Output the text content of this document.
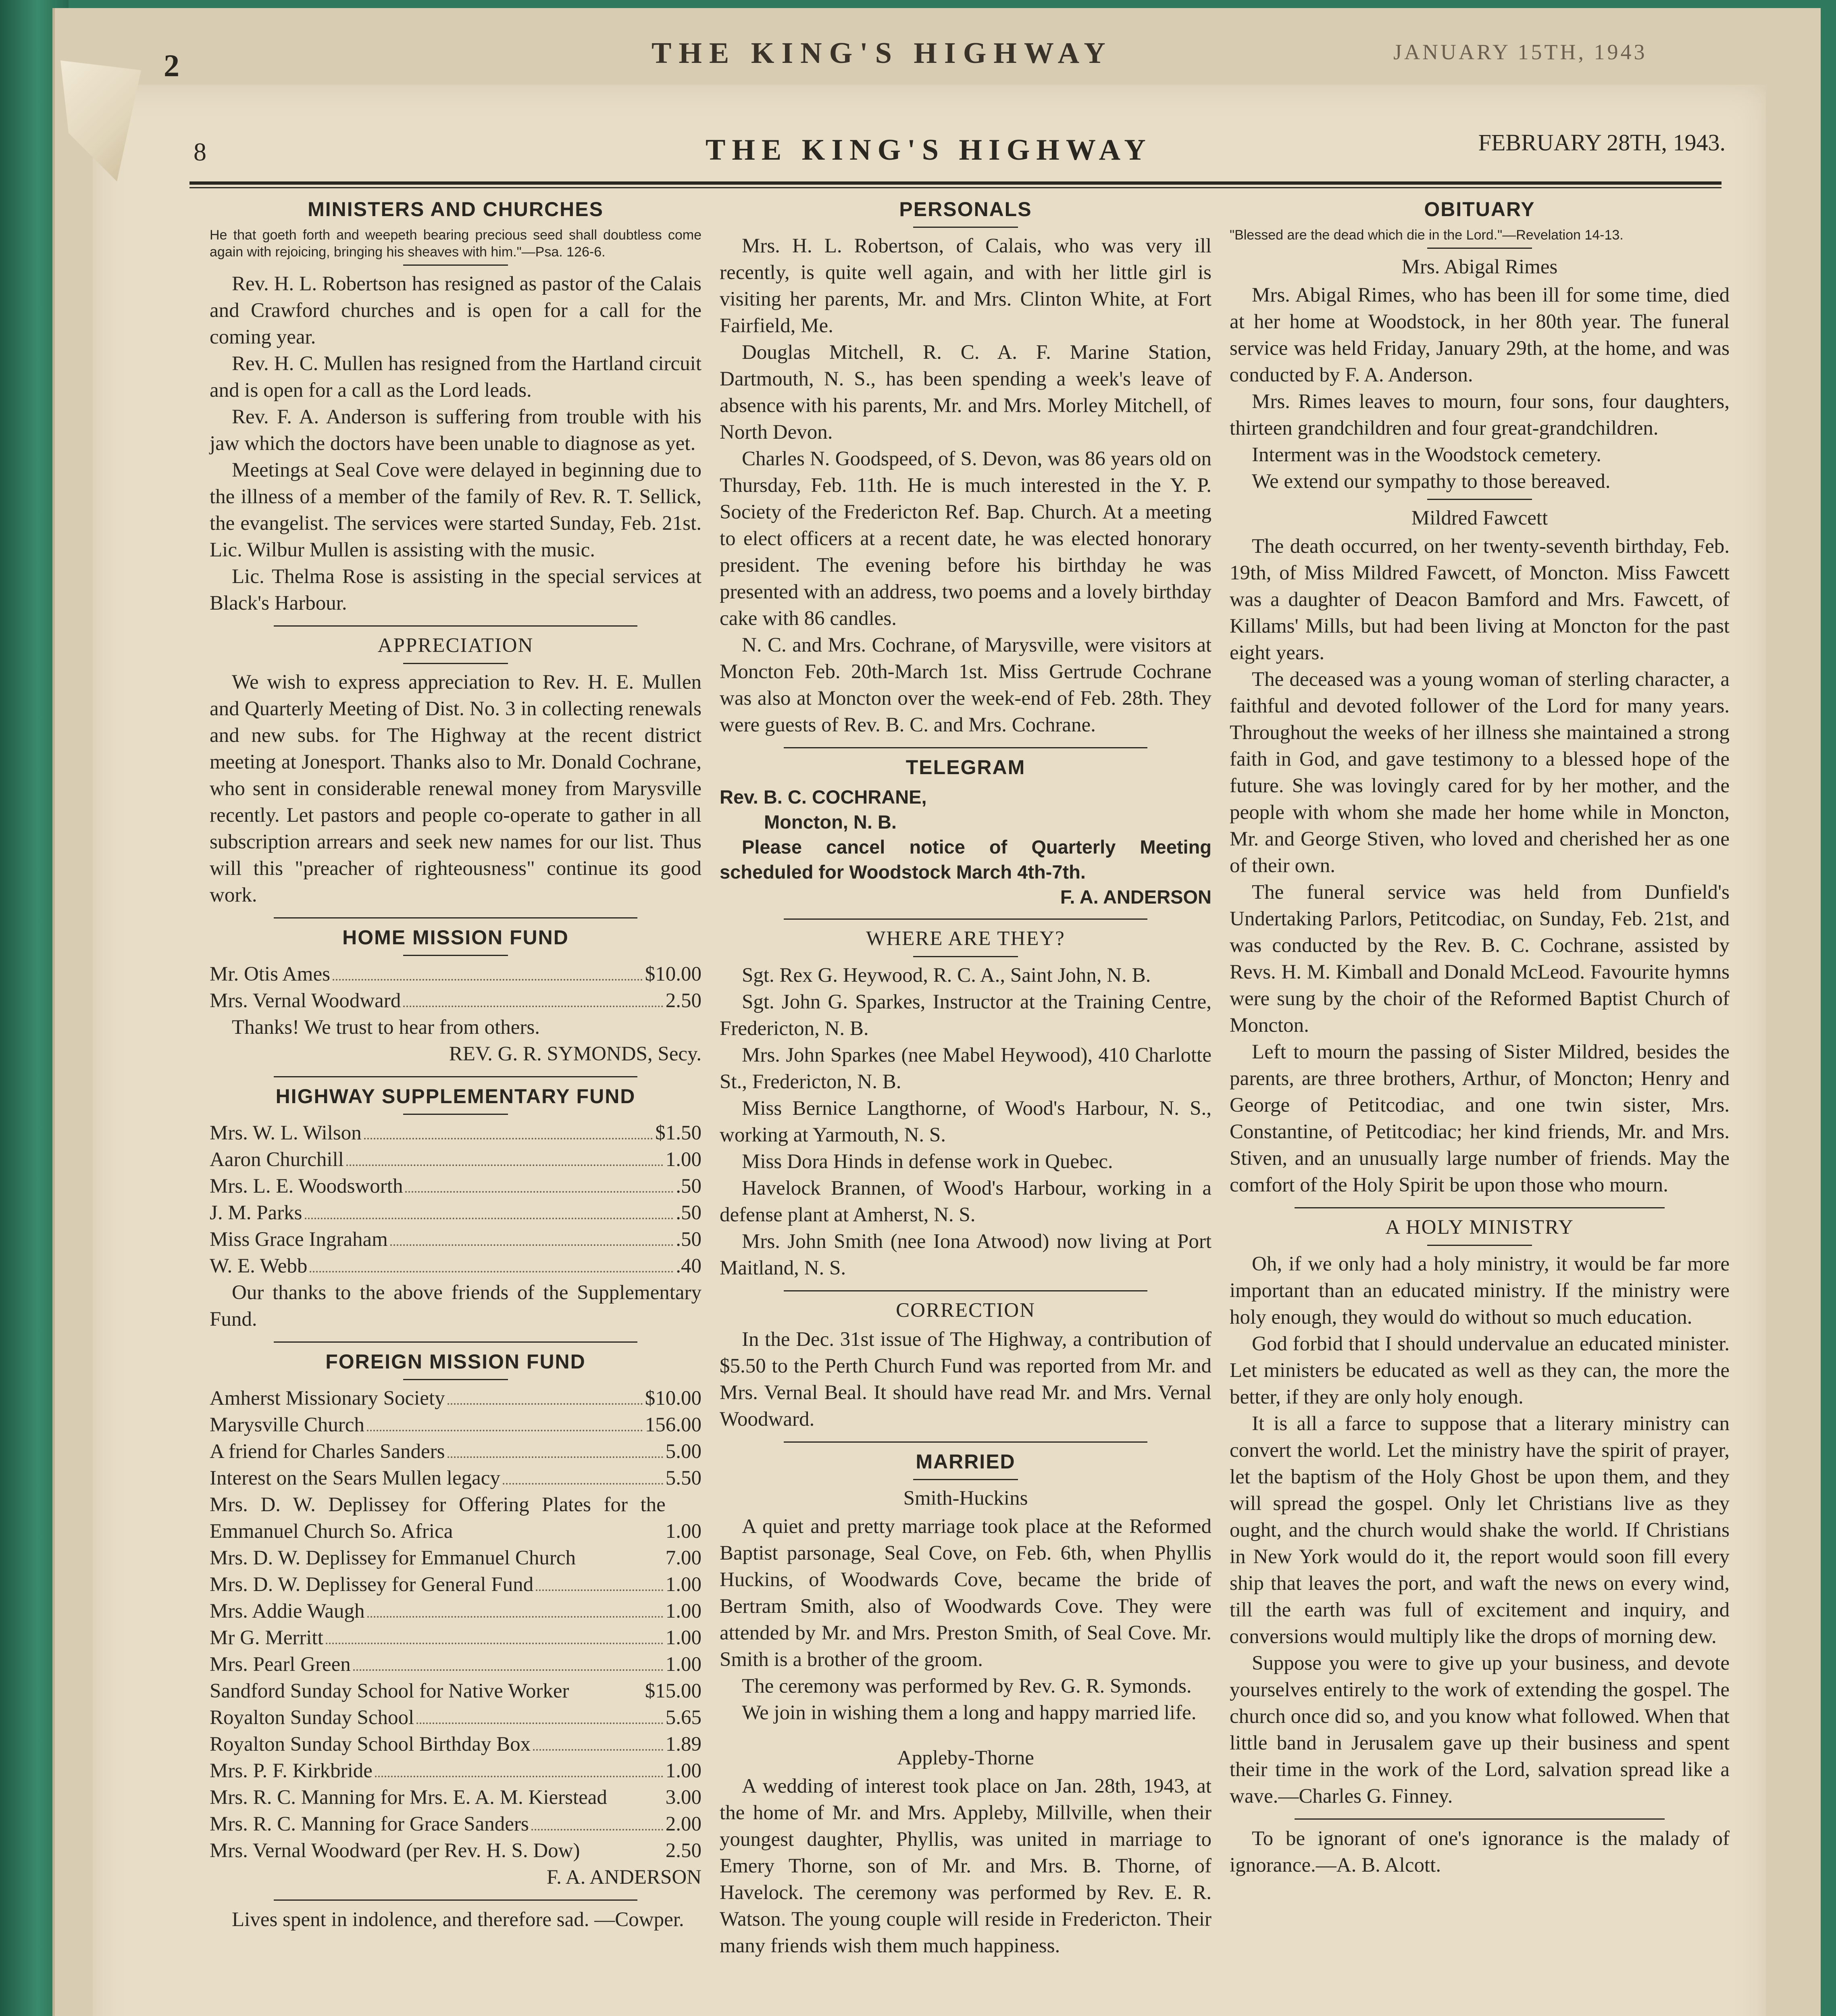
2	THE KING'S HIGHWAY	JANUARY 15TH, 1943
8	THE KING'S HIGHWAY	FEBRUARY 28TH, 1943.
MINISTERS AND CHURCHES
He that goeth forth and weepeth bearing precious seed shall doubtless come again with rejoicing, bringing his sheaves with him."—Psa. 126-6.

Rev. H. L. Robertson has resigned as pastor of the Calais and Crawford churches and is open for a call for the coming year.

Rev. H. C. Mullen has resigned from the Hartland circuit and is open for a call as the Lord leads.

Rev. F. A. Anderson is suffering from trouble with his jaw which the doctors have been unable to diagnose as yet.

Meetings at Seal Cove were delayed in beginning due to the illness of a member of the family of Rev. R. T. Sellick, the evangelist. The services were started Sunday, Feb. 21st. Lic. Wilbur Mullen is assisting with the music.

Lic. Thelma Rose is assisting in the special services at Black's Harbour.

APPRECIATION

We wish to express appreciation to Rev. H. E. Mullen and Quarterly Meeting of Dist. No. 3 in collecting renewals and new subs. for The Highway at the recent district meeting at Jonesport. Thanks also to Mr. Donald Cochrane, who sent in considerable renewal money from Marysville recently. Let pastors and people co-operate to gather in all subscription arrears and seek new names for our list. Thus will this "preacher of righteousness" continue its good work.

HOME MISSION FUND
Mr. Otis Ames	$10.00
Mrs. Vernal Woodward	2.50

Thanks! We trust to hear from others.

REV. G. R. SYMONDS, Secy.

HIGHWAY SUPPLEMENTARY FUND
Mrs. W. L. Wilson	$1.50
Aaron Churchill	1.00
Mrs. L. E. Woodsworth	.50
J. M. Parks	.50
Miss Grace Ingraham	.50
W. E. Webb	.40

Our thanks to the above friends of the Supplementary Fund.

FOREIGN MISSION FUND
Amherst Missionary Society	$10.00
Marysville Church	156.00
A friend for Charles Sanders	5.00
Interest on the Sears Mullen legacy	5.50
Mrs. D. W. Deplissey for Offering Plates for the Emmanuel Church So. Africa	1.00
Mrs. D. W. Deplissey for Emmanuel Church	7.00
Mrs. D. W. Deplissey for General Fund	1.00
Mrs. Addie Waugh	1.00
Mr G. Merritt	1.00
Mrs. Pearl Green	1.00
Sandford Sunday School for Native Worker	$15.00
Royalton Sunday School	5.65
Royalton Sunday School Birthday Box	1.89
Mrs. P. F. Kirkbride	1.00
Mrs. R. C. Manning for Mrs. E. A. M. Kierstead	3.00
Mrs. R. C. Manning for Grace Sanders	2.00
Mrs. Vernal Woodward (per Rev. H. S. Dow)	2.50

F. A. ANDERSON

Lives spent in indolence, and therefore sad. —Cowper.

PERSONALS

Mrs. H. L. Robertson, of Calais, who was very ill recently, is quite well again, and with her little girl is visiting her parents, Mr. and Mrs. Clinton White, at Fort Fairfield, Me.

Douglas Mitchell, R. C. A. F. Marine Station, Dartmouth, N. S., has been spending a week's leave of absence with his parents, Mr. and Mrs. Morley Mitchell, of North Devon.

Charles N. Goodspeed, of S. Devon, was 86 years old on Thursday, Feb. 11th. He is much interested in the Y. P. Society of the Fredericton Ref. Bap. Church. At a meeting to elect officers at a recent date, he was elected honorary president. The evening before his birthday he was presented with an address, two poems and a lovely birthday cake with 86 candles.

N. C. and Mrs. Cochrane, of Marysville, were visitors at Moncton Feb. 20th-March 1st. Miss Gertrude Cochrane was also at Moncton over the week-end of Feb. 28th. They were guests of Rev. B. C. and Mrs. Cochrane.

TELEGRAM
Rev. B. C. COCHRANE,
Moncton, N. B.
Please cancel notice of Quarterly Meeting scheduled for Woodstock March 4th-7th.
F. A. ANDERSON
WHERE ARE THEY?

Sgt. Rex G. Heywood, R. C. A., Saint John, N. B.

Sgt. John G. Sparkes, Instructor at the Training Centre, Fredericton, N. B.

Mrs. John Sparkes (nee Mabel Heywood), 410 Charlotte St., Fredericton, N. B.

Miss Bernice Langthorne, of Wood's Harbour, N. S., working at Yarmouth, N. S.

Miss Dora Hinds in defense work in Quebec.

Havelock Brannen, of Wood's Harbour, working in a defense plant at Amherst, N. S.

Mrs. John Smith (nee Iona Atwood) now living at Port Maitland, N. S.

CORRECTION

In the Dec. 31st issue of The Highway, a contribution of $5.50 to the Perth Church Fund was reported from Mr. and Mrs. Vernal Beal. It should have read Mr. and Mrs. Vernal Woodward.

MARRIED
Smith-Huckins

A quiet and pretty marriage took place at the Reformed Baptist parsonage, Seal Cove, on Feb. 6th, when Phyllis Huckins, of Woodwards Cove, became the bride of Bertram Smith, also of Woodwards Cove. They were attended by Mr. and Mrs. Preston Smith, of Seal Cove. Mr. Smith is a brother of the groom.

The ceremony was performed by Rev. G. R. Symonds.

We join in wishing them a long and happy married life.

Appleby-Thorne

A wedding of interest took place on Jan. 28th, 1943, at the home of Mr. and Mrs. Appleby, Millville, when their youngest daughter, Phyllis, was united in marriage to Emery Thorne, son of Mr. and Mrs. B. Thorne, of Havelock. The ceremony was performed by Rev. E. R. Watson. The young couple will reside in Fredericton. Their many friends wish them much happiness.

OBITUARY
"Blessed are the dead which die in the Lord."—Revelation 14-13.
Mrs. Abigal Rimes

Mrs. Abigal Rimes, who has been ill for some time, died at her home at Woodstock, in her 80th year. The funeral service was held Friday, January 29th, at the home, and was conducted by F. A. Anderson.

Mrs. Rimes leaves to mourn, four sons, four daughters, thirteen grandchildren and four great-grandchildren.

Interment was in the Woodstock cemetery.

We extend our sympathy to those bereaved.

Mildred Fawcett

The death occurred, on her twenty-seventh birthday, Feb. 19th, of Miss Mildred Fawcett, of Moncton. Miss Fawcett was a daughter of Deacon Bamford and Mrs. Fawcett, of Killams' Mills, but had been living at Moncton for the past eight years.

The deceased was a young woman of sterling character, a faithful and devoted follower of the Lord for many years. Throughout the weeks of her illness she maintained a strong faith in God, and gave testimony to a blessed hope of the future. She was lovingly cared for by her mother, and the people with whom she made her home while in Moncton, Mr. and George Stiven, who loved and cherished her as one of their own.

The funeral service was held from Dunfield's Undertaking Parlors, Petitcodiac, on Sunday, Feb. 21st, and was conducted by the Rev. B. C. Cochrane, assisted by Revs. H. M. Kimball and Donald McLeod. Favourite hymns were sung by the choir of the Reformed Baptist Church of Moncton.

Left to mourn the passing of Sister Mildred, besides the parents, are three brothers, Arthur, of Moncton; Henry and George of Petitcodiac, and one twin sister, Mrs. Constantine, of Petitcodiac; her kind friends, Mr. and Mrs. Stiven, and an unusually large number of friends. May the comfort of the Holy Spirit be upon those who mourn.

A HOLY MINISTRY

Oh, if we only had a holy ministry, it would be far more important than an educated ministry. If the ministry were holy enough, they would do without so much education.

God forbid that I should undervalue an educated minister. Let ministers be educated as well as they can, the more the better, if they are only holy enough.

It is all a farce to suppose that a literary ministry can convert the world. Let the ministry have the spirit of prayer, let the baptism of the Holy Ghost be upon them, and they will spread the gospel. Only let Christians live as they ought, and the church would shake the world. If Christians in New York would do it, the report would soon fill every ship that leaves the port, and waft the news on every wind, till the earth was full of excitement and inquiry, and conversions would multiply like the drops of morning dew.

Suppose you were to give up your business, and devote yourselves entirely to the work of extending the gospel. The church once did so, and you know what followed. When that little band in Jerusalem gave up their business and spent their time in the work of the Lord, salvation spread like a wave.—Charles G. Finney.

To be ignorant of one's ignorance is the malady of ignorance.—A. B. Alcott.
